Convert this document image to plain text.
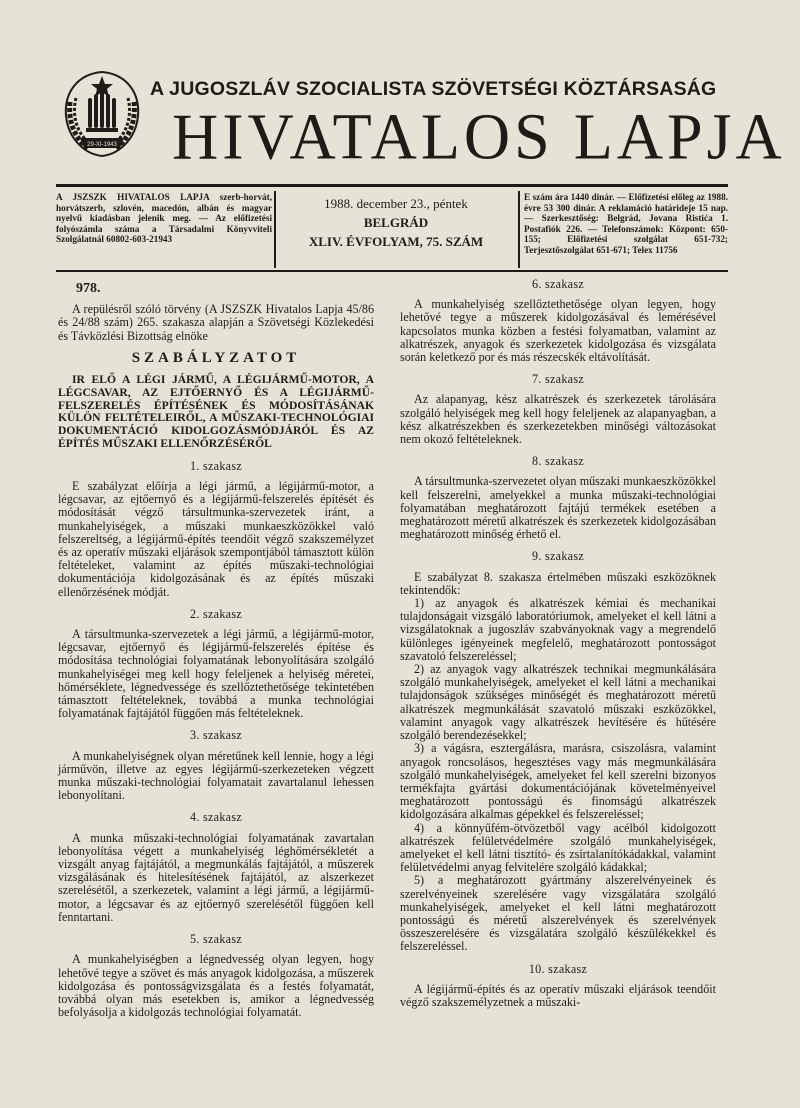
29-XI-1943
A JUGOSZLÁV SZOCIALISTA SZÖVETSÉGI KÖZTÁRSASÁG
HIVATALOS LAPJA
A JSZSZK HIVATALOS LAPJA szerb-horvát, horvátszerb, szlovén, macedón, albán és magyar nyelvű kiadásban jelenik meg. — Az előfizetési folyószámla száma a Társadalmi Könyvviteli Szolgálatnál 60802-603-21943
1988. december 23., péntek
BELGRÁD
XLIV. ÉVFOLYAM, 75. SZÁM
E szám ára 1440 dinár. — Előfizetési előleg az 1988. évre 53 300 dinár. A reklamáció határideje 15 nap. — Szerkesztőség: Belgrád, Jovana Ristića 1. Postafiók 226. — Telefonszámok: Központ: 650-155; Előfizetési szolgálat 651-732; Terjesztőszolgálat 651-671; Telex 11756
978.

A repülésről szóló törvény (A JSZSZK Hivatalos Lapja 45/86 és 24/88 szám) 265. szakasza alapján a Szövetségi Közlekedési és Távközlési Bizottság elnöke

SZABÁLYZATOT

IR ELŐ A LÉGI JÁRMŰ, A LÉGIJÁRMŰ-MOTOR, A LÉGCSAVAR, AZ EJTŐERNYŐ ÉS A LÉGIJÁRMŰ-FELSZERELÉS ÉPÍTÉSÉNEK ÉS MÓDOSÍTÁSÁNAK KÜLÖN FELTÉTELEIRŐL, A MŰSZAKI-TECHNOLÓGIAI DOKUMENTÁCIÓ KIDOLGOZÁSMÓDJÁRÓL ÉS AZ ÉPÍTÉS MŰSZAKI ELLENŐRZÉSÉRŐL

1. szakasz

E szabályzat előírja a légi jármű, a légijármű-motor, a légcsavar, az ejtőernyő és a légijármű-felszerelés építését és módosítását végző társultmunka-szervezetek iránt, a munkahelyiségek, a műszaki munkaeszközökkel való felszereltség, a légijármű-építés teendőit végző szakszemélyzet és az operatív műszaki eljárások szempontjából támasztott külön feltételeket, valamint az építés műszaki-technológiai dokumentációja kidolgozásának és az építés műszaki ellenőrzésének módját.

2. szakasz

A társultmunka-szervezetek a légi jármű, a légijármű-motor, légcsavar, ejtőernyő és légijármű-felszerelés építése és módosítása technológiai folyamatának lebonyolítására szolgáló munkahelyiségei meg kell hogy feleljenek a helyiség méretei, hőmérséklete, légnedvessége és szellőztethetősége tekintetében támasztott feltételeknek, továbbá a munka technológiai folyamatának fajtájától függően más feltételeknek.

3. szakasz

A munkahelyiségnek olyan méretűnek kell lennie, hogy a légi járművön, illetve az egyes légijármű-szerkezeteken végzett munka műszaki-technológiai folyamatait zavartalanul lehessen lebonyolítani.

4. szakasz

A munka műszaki-technológiai folyamatának zavartalan lebonyolítása végett a munkahelyiség léghőmérsékletét a vizsgált anyag fajtájától, a megmunkálás fajtájától, a műszerek vizsgálásának és hitelesítésének fajtájától, az alszerkezet szerelésétől, a szerkezetek, valamint a légi jármű, a légijármű-motor, a légcsavar és az ejtőernyő szerelésétől függően kell fenntartani.

5. szakasz

A munkahelyiségben a légnedvesség olyan legyen, hogy lehetővé tegye a szövet és más anyagok kidolgozása, a műszerek kidolgozása és pontosságvizsgálata és a festés folyamatát, továbbá olyan más esetekben is, amikor a légnedvesség befolyásolja a kidolgozás technológiai folyamatát.

6. szakasz

A munkahelyiség szellőztethetősége olyan legyen, hogy lehetővé tegye a műszerek kidolgozásával és lemérésével kapcsolatos munka közben a festési folyamatban, valamint az alkatrészek, anyagok és szerkezetek kidolgozása és vizsgálata során keletkező por és más részecskék eltávolítását.

7. szakasz

Az alapanyag, kész alkatrészek és szerkezetek tárolására szolgáló helyiségek meg kell hogy feleljenek az alapanyagban, a kész alkatrészekben és szerkezetekben minőségi változásokat nem okozó feltételeknek.

8. szakasz

A társultmunka-szervezetet olyan műszaki munkaeszközökkel kell felszerelni, amelyekkel a munka műszaki-technológiai folyamatában meghatározott fajtájú termékek esetében a meghatározott méretű alkatrészek és szerkezetek kidolgozásában meghatározott minőség érhető el.

9. szakasz

E szabályzat 8. szakasza értelmében műszaki eszközöknek tekintendők:

1) az anyagok és alkatrészek kémiai és mechanikai tulajdonságait vizsgáló laboratóriumok, amelyeket el kell látni a vizsgálatoknak a jugoszláv szabványoknak vagy a megrendelő különleges igényeinek megfelelő, meghatározott pontosságot szavatoló felszereléssel;

2) az anyagok vagy alkatrészek technikai megmunkálására szolgáló munkahelyiségek, amelyeket el kell látni a mechanikai tulajdonságok szükséges minőségét és meghatározott méretű alkatrészek megmunkálását szavatoló műszaki eszközökkel, valamint anyagok vagy alkatrészek hevítésére és hűtésére szolgáló berendezésekkel;

3) a vágásra, esztergálásra, marásra, csiszolásra, valamint anyagok roncsolásos, hegesztéses vagy más megmunkálására szolgáló munkahelyiségek, amelyeket fel kell szerelni bizonyos termékfajta gyártási dokumentációjának követelményeivel meghatározott pontosságú és finomságú alkatrészek kidolgozására alkalmas gépekkel és felszereléssel;

4) a könnyűfém-ötvözetből vagy acélból kidolgozott alkatrészek felületvédelmére szolgáló munkahelyiségek, amelyeket el kell látni tisztító- és zsírtalanítókádakkal, valamint felületvédelmi anyag felvitelére szolgáló kádakkal;

5) a meghatározott gyártmány alszerelvényeinek és szerelvényeinek szerelésére vagy vizsgálatára szolgáló munkahelyiségek, amelyeket el kell látni meghatározott pontosságú és méretű alszerelvények és szerelvények összeszerelésére és vizsgálatára szolgáló készülékekkel és felszereléssel.

10. szakasz

A légijármű-építés és az operatív műszaki eljárások teendőit végző szakszemélyzetnek a műszaki-
